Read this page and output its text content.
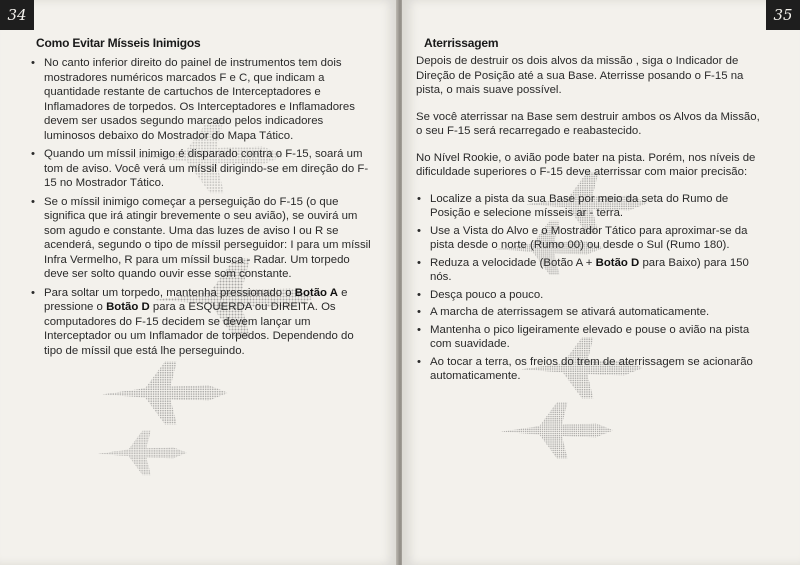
34
Como Evitar Mísseis Inimigos
• No canto inferior direito do painel de instrumentos tem dois mostradores numéricos marcados F e C, que indicam a quantidade restante de cartuchos de Interceptadores e Inflamadores de torpedos. Os Interceptadores e Inflamadores devem ser usados segundo marcado pelos indicadores luminosos debaixo do Mostrador do Mapa Tático.
• Quando um míssil inimigo é disparado contra o F-15, soará um tom de aviso. Você verá um míssil dirigindo-se em direção do F-15 no Mostrador Tático.
• Se o míssil inimigo começar a perseguição do F-15 (o que significa que irá atingir brevemente o seu avião), se ouvirá um som agudo e constante. Uma das luzes de aviso I ou R se acenderá, segundo o tipo de míssil perseguidor: I para um míssil Infra Vermelho, R para um míssil busca - Radar. Um torpedo deve ser solto quando ouvir esse som constante.
• Para soltar um torpedo, mantenha pressionado o Botão A e pressione o Botão D para a ESQUERDA ou DIREITA. Os computadores do F-15 decidem se devem lançar um Interceptador ou um Inflamador de torpedos. Dependendo do tipo de míssil que está lhe perseguindo.
35
Aterrissagem

Depois de destruir os dois alvos da missão , siga o Indicador de Direção de Posição até a sua Base. Aterrisse posando o F-15 na pista, o mais suave possível.

Se você aterrissar na Base sem destruir ambos os Alvos da Missão, o seu F-15 será recarregado e reabastecido.

No Nível Rookie, o avião pode bater na pista. Porém, nos níveis de dificuldade superiores o F-15 deve aterrissar com maior precisão:

• Localize a pista da sua Base por meio da seta do Rumo de Posição e selecione mísseis ar - terra.
• Use a Vista do Alvo e o Mostrador Tático para aproximar-se da pista desde o norte (Rumo 00) ou desde o Sul (Rumo 180).
• Reduza a velocidade (Botão A + Botão D para Baixo) para 150 nós.
• Desça pouco a pouco.
• A marcha de aterrissagem se ativará automaticamente.
• Mantenha o pico ligeiramente elevado e pouse o avião na pista com suavidade.
• Ao tocar a terra, os freios do trem de aterrissagem se acionarão automaticamente.
